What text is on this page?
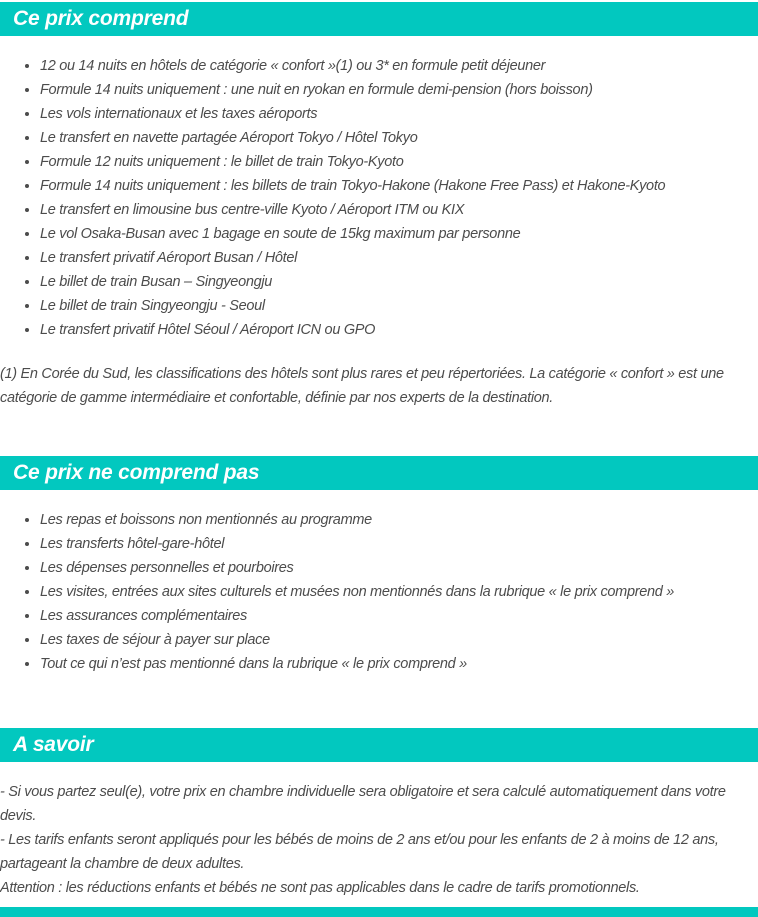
Ce prix comprend
• 12 ou 14 nuits en hôtels de catégorie « confort »(1) ou 3* en formule petit déjeuner
• Formule 14 nuits uniquement : une nuit en ryokan en formule demi-pension (hors boisson)
• Les vols internationaux et les taxes aéroports
• Le transfert en navette partagée Aéroport Tokyo / Hôtel Tokyo
• Formule 12 nuits uniquement : le billet de train Tokyo-Kyoto
• Formule 14 nuits uniquement : les billets de train Tokyo-Hakone (Hakone Free Pass) et Hakone-Kyoto
• Le transfert en limousine bus centre-ville Kyoto / Aéroport ITM ou KIX
• Le vol Osaka-Busan avec 1 bagage en soute de 15kg maximum par personne
• Le transfert privatif Aéroport Busan / Hôtel
• Le billet de train Busan – Singyeongju
• Le billet de train Singyeongju - Seoul
• Le transfert privatif Hôtel Séoul / Aéroport ICN ou GPO

(1) En Corée du Sud, les classifications des hôtels sont plus rares et peu répertoriées. La catégorie « confort » est une catégorie de gamme intermédiaire et confortable, définie par nos experts de la destination.

Ce prix ne comprend pas
• Les repas et boissons non mentionnés au programme
• Les transferts hôtel-gare-hôtel
• Les dépenses personnelles et pourboires
• Les visites, entrées aux sites culturels et musées non mentionnés dans la rubrique « le prix comprend »
• Les assurances complémentaires
• Les taxes de séjour à payer sur place
• Tout ce qui n’est pas mentionné dans la rubrique « le prix comprend »
A savoir

- Si vous partez seul(e), votre prix en chambre individuelle sera obligatoire et sera calculé automatiquement dans votre devis.

- Les tarifs enfants seront appliqués pour les bébés de moins de 2 ans et/ou pour les enfants de 2 à moins de 12 ans, partageant la chambre de deux adultes.

Attention : les réductions enfants et bébés ne sont pas applicables dans le cadre de tarifs promotionnels.
